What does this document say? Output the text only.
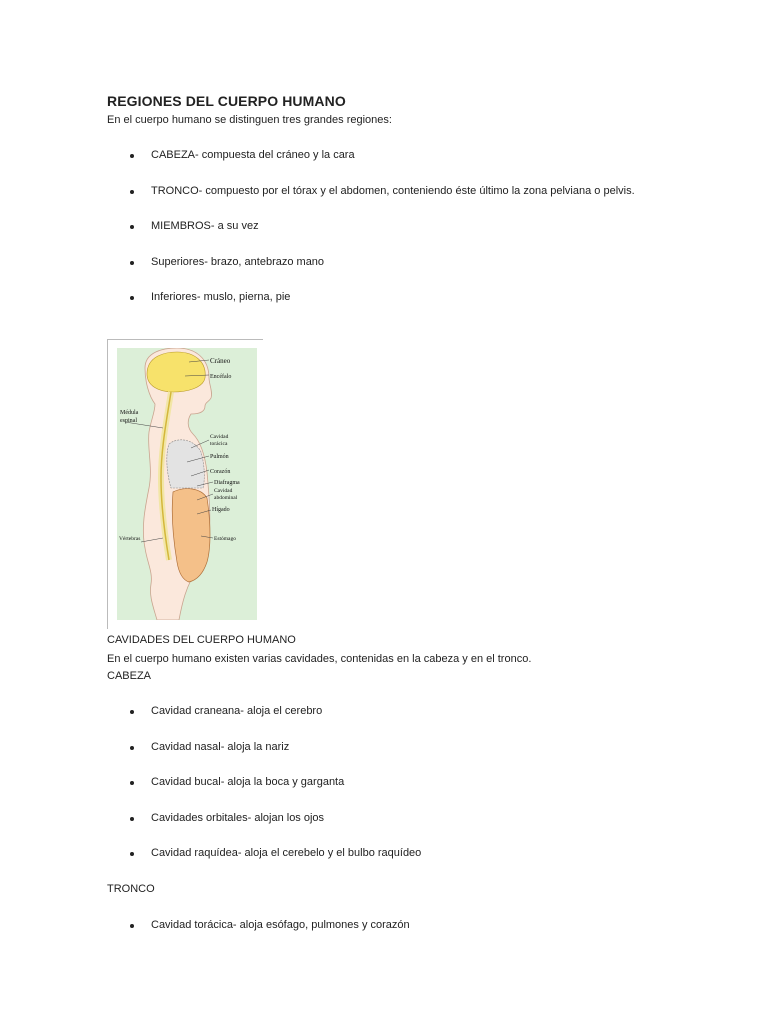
REGIONES DEL CUERPO HUMANO
En el cuerpo humano se distinguen tres grandes regiones:
CABEZA- compuesta del cráneo y la cara
TRONCO- compuesto por el tórax y el abdomen, conteniendo éste último la zona pelviana o pelvis.
MIEMBROS- a su vez
Superiores- brazo, antebrazo mano
Inferiores- muslo, pierna, pie
Cráneo
Encéfalo
Médula
espinal
Cavidad
torácica
Pulmón
Corazón
Diafragma
Cavidad
abdominal
Hígado
Vértebras	Estómago
CAVIDADES DEL CUERPO HUMANO
En el cuerpo humano existen varias cavidades, contenidas en la cabeza y en el tronco.
CABEZA
Cavidad craneana- aloja el cerebro
Cavidad nasal- aloja la nariz
Cavidad bucal- aloja la boca y garganta
Cavidades orbitales- alojan los ojos
Cavidad raquídea- aloja el cerebelo y el bulbo raquídeo
TRONCO
Cavidad torácica- aloja esófago, pulmones y corazón
